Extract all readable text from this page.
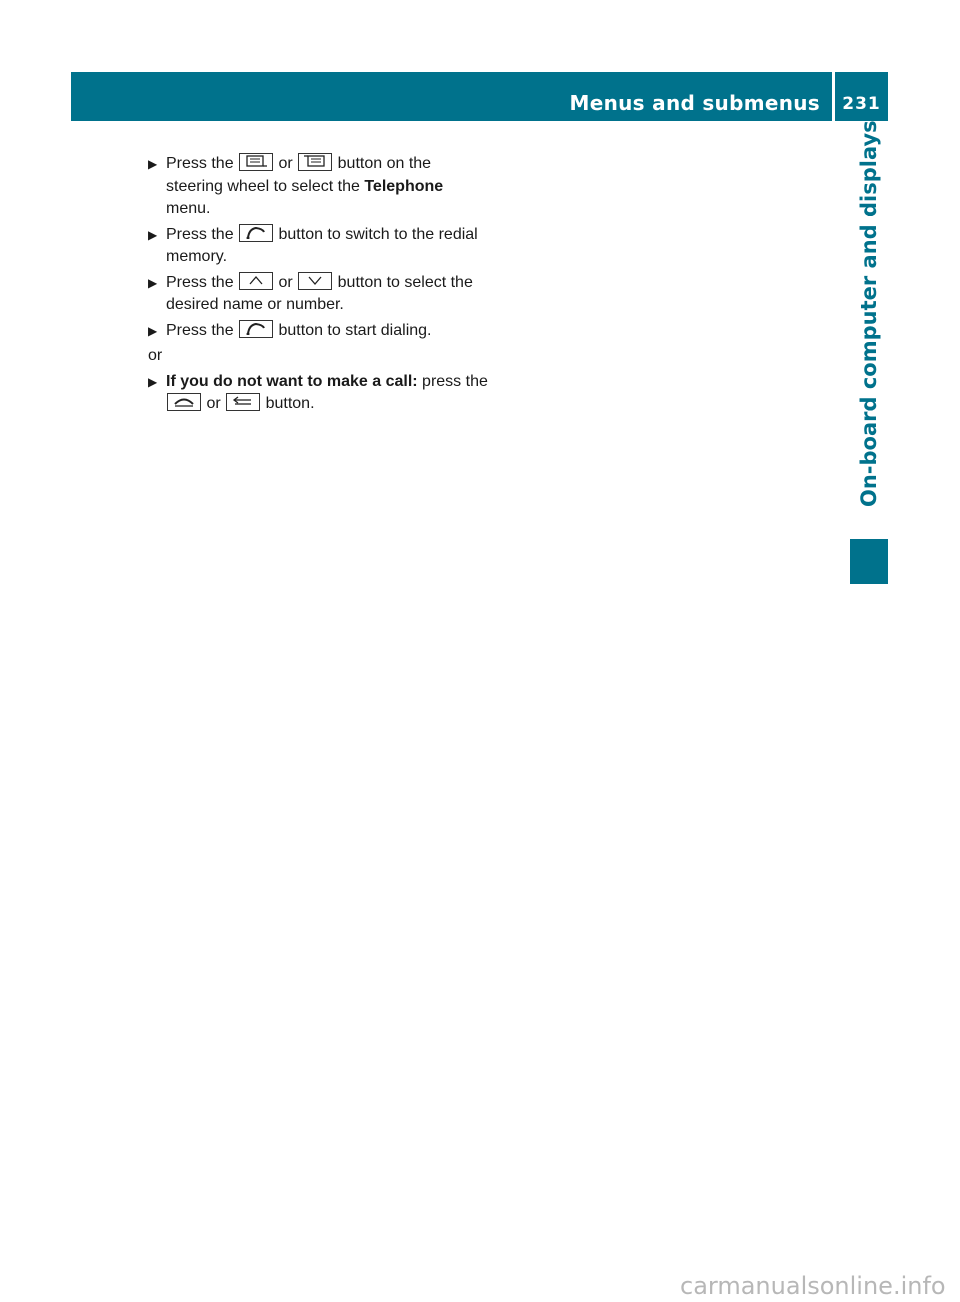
Menus and submenus	231
On-board computer and displays
▶ Press the	or	button on the steering wheel to select the Telephone menu.
▶ Press the	button to switch to the redial memory.
▶ Press the	or	button to select the desired name or number.
▶ Press the	button to start dialing.
or
▶ If you do not want to make a call: press the
or	button.
carmanualsonline.info
